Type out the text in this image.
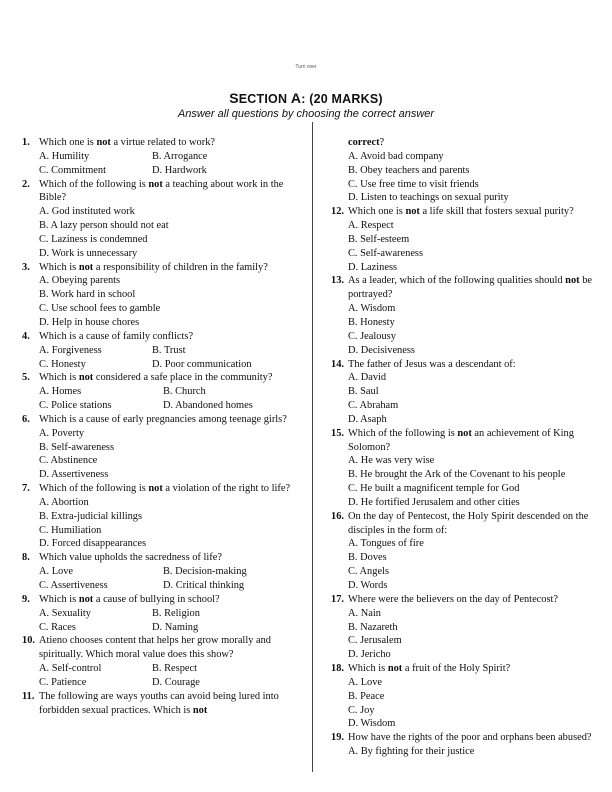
Turn over
SECTION A: (20 MARKS)
Answer all questions by choosing the correct answer
1. Which one is not a virtue related to work?
A. Humility	B. Arrogance
C. Commitment	D. Hardwork
2. Which of the following is not a teaching about work in the Bible?
A. God instituted work
B. A lazy person should not eat
C. Laziness is condemned
D. Work is unnecessary
3. Which is not a responsibility of children in the family?
A. Obeying parents
B. Work hard in school
C. Use school fees to gamble
D. Help in house chores
4. Which is a cause of family conflicts?
A. Forgiveness	B. Trust
C. Honesty	D. Poor communication
5. Which is not considered a safe place in the community?
A. Homes	B. Church
C. Police stations	D. Abandoned homes
6. Which is a cause of early pregnancies among teenage girls?
A. Poverty
B. Self-awareness
C. Abstinence
D. Assertiveness
7. Which of the following is not a violation of the right to life?
A. Abortion
B. Extra-judicial killings
C. Humiliation
D. Forced disappearances
8. Which value upholds the sacredness of life?
A. Love	B. Decision-making
C. Assertiveness	D. Critical thinking
9. Which is not a cause of bullying in school?
A. Sexuality	B. Religion
C. Races	D. Naming
10. Atieno chooses content that helps her grow morally and spiritually. Which moral value does this show?
A. Self-control	B. Respect
C. Patience	D. Courage
11. The following are ways youths can avoid being lured into forbidden sexual practices. Which is not
correct?
A. Avoid bad company
B. Obey teachers and parents
C. Use free time to visit friends
D. Listen to teachings on sexual purity
12. Which one is not a life skill that fosters sexual purity?
A. Respect
B. Self-esteem
C. Self-awareness
D. Laziness
13. As a leader, which of the following qualities should not be portrayed?
A. Wisdom
B. Honesty
C. Jealousy
D. Decisiveness
14. The father of Jesus was a descendant of:
A. David
B. Saul
C. Abraham
D. Asaph
15. Which of the following is not an achievement of King Solomon?
A. He was very wise
B. He brought the Ark of the Covenant to his people
C. He built a magnificent temple for God
D. He fortified Jerusalem and other cities
16. On the day of Pentecost, the Holy Spirit descended on the disciples in the form of:
A. Tongues of fire
B. Doves
C. Angels
D. Words
17. Where were the believers on the day of Pentecost?
A. Nain
B. Nazareth
C. Jerusalem
D. Jericho
18. Which is not a fruit of the Holy Spirit?
A. Love
B. Peace
C. Joy
D. Wisdom
19. How have the rights of the poor and orphans been abused?
A. By fighting for their justice
